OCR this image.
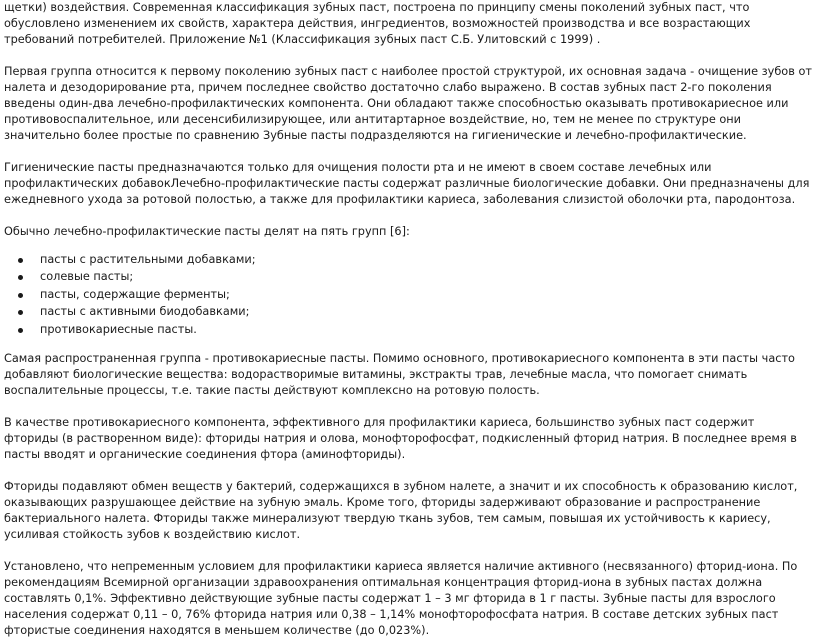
щетки) воздействия. Современная классификация зубных паст, построена по принципу смены поколений зубных паст, что обусловлено изменением их свойств, характера действия, ингредиентов, возможностей производства и все возрастающих требований потребителей. Приложение №1 (Классификация зубных паст С.Б. Улитовский с 1999) .

Первая группа относится к первому поколению зубных паст с наиболее простой структурой, их основная задача - очищение зубов от налета и дезодорирование рта, причем последнее свойство достаточно слабо выражено. В состав зубных паст 2-го поколения введены один-два лечебно-профилактических компонента. Они обладают также способностью оказывать противокариесное или противовоспалительное, или десенсибилизирующее, или антитартарное воздействие, но, тем не менее по структуре они значительно более простые по сравнению Зубные пасты подразделяются на гигиенические и лечебно-профилактические.

Гигиенические пасты предназначаются только для очищения полости рта и не имеют в своем составе лечебных или профилактических добавокЛечебно-профилактические пасты содержат различные биологические добавки. Они предназначены для ежедневного ухода за ротовой полостью, а также для профилактики кариеса, заболевания слизистой оболочки рта, пародонтоза.

Обычно лечебно-профилактические пасты делят на пять групп [6]:

пасты с растительными добавками;
солевые пасты;
пасты, содержащие ферменты;
пасты с активными биодобавками;
противокариесные пасты.

Самая распространенная группа - противокариесные пасты. Помимо основного, противокариесного компонента в эти пасты часто добавляют биологические вещества: водорастворимые витамины, экстракты трав, лечебные масла, что помогает снимать воспалительные процессы, т.е. такие пасты действуют комплексно на ротовую полость.

В качестве противокариесного компонента, эффективного для профилактики кариеса, большинство зубных паст содержит фториды (в растворенном виде): фториды натрия и олова, монофторофосфат, подкисленный фторид натрия. В последнее время в пасты вводят и органические соединения фтора (аминофториды).

Фториды подавляют обмен веществ у бактерий, содержащихся в зубном налете, а значит и их способность к образованию кислот, оказывающих разрушающее действие на зубную эмаль. Кроме того, фториды задерживают образование и распространение бактериального налета. Фториды также минерализуют твердую ткань зубов, тем самым, повышая их устойчивость к кариесу, усиливая стойкость зубов к воздействию кислот.

Установлено, что непременным условием для профилактики кариеса является наличие активного (несвязанного) фторид-иона. По рекомендациям Всемирной организации здравоохранения оптимальная концентрация фторид-иона в зубных пастах должна составлять 0,1%. Эффективно действующие зубные пасты содержат 1 – 3 мг фторида в 1 г пасты. Зубные пасты для взрослого населения содержат 0,11 – 0, 76% фторида натрия или 0,38 – 1,14% монофторофосфата натрия. В составе детских зубных паст фтористые соединения находятся в меньшем количестве (до 0,023%).
